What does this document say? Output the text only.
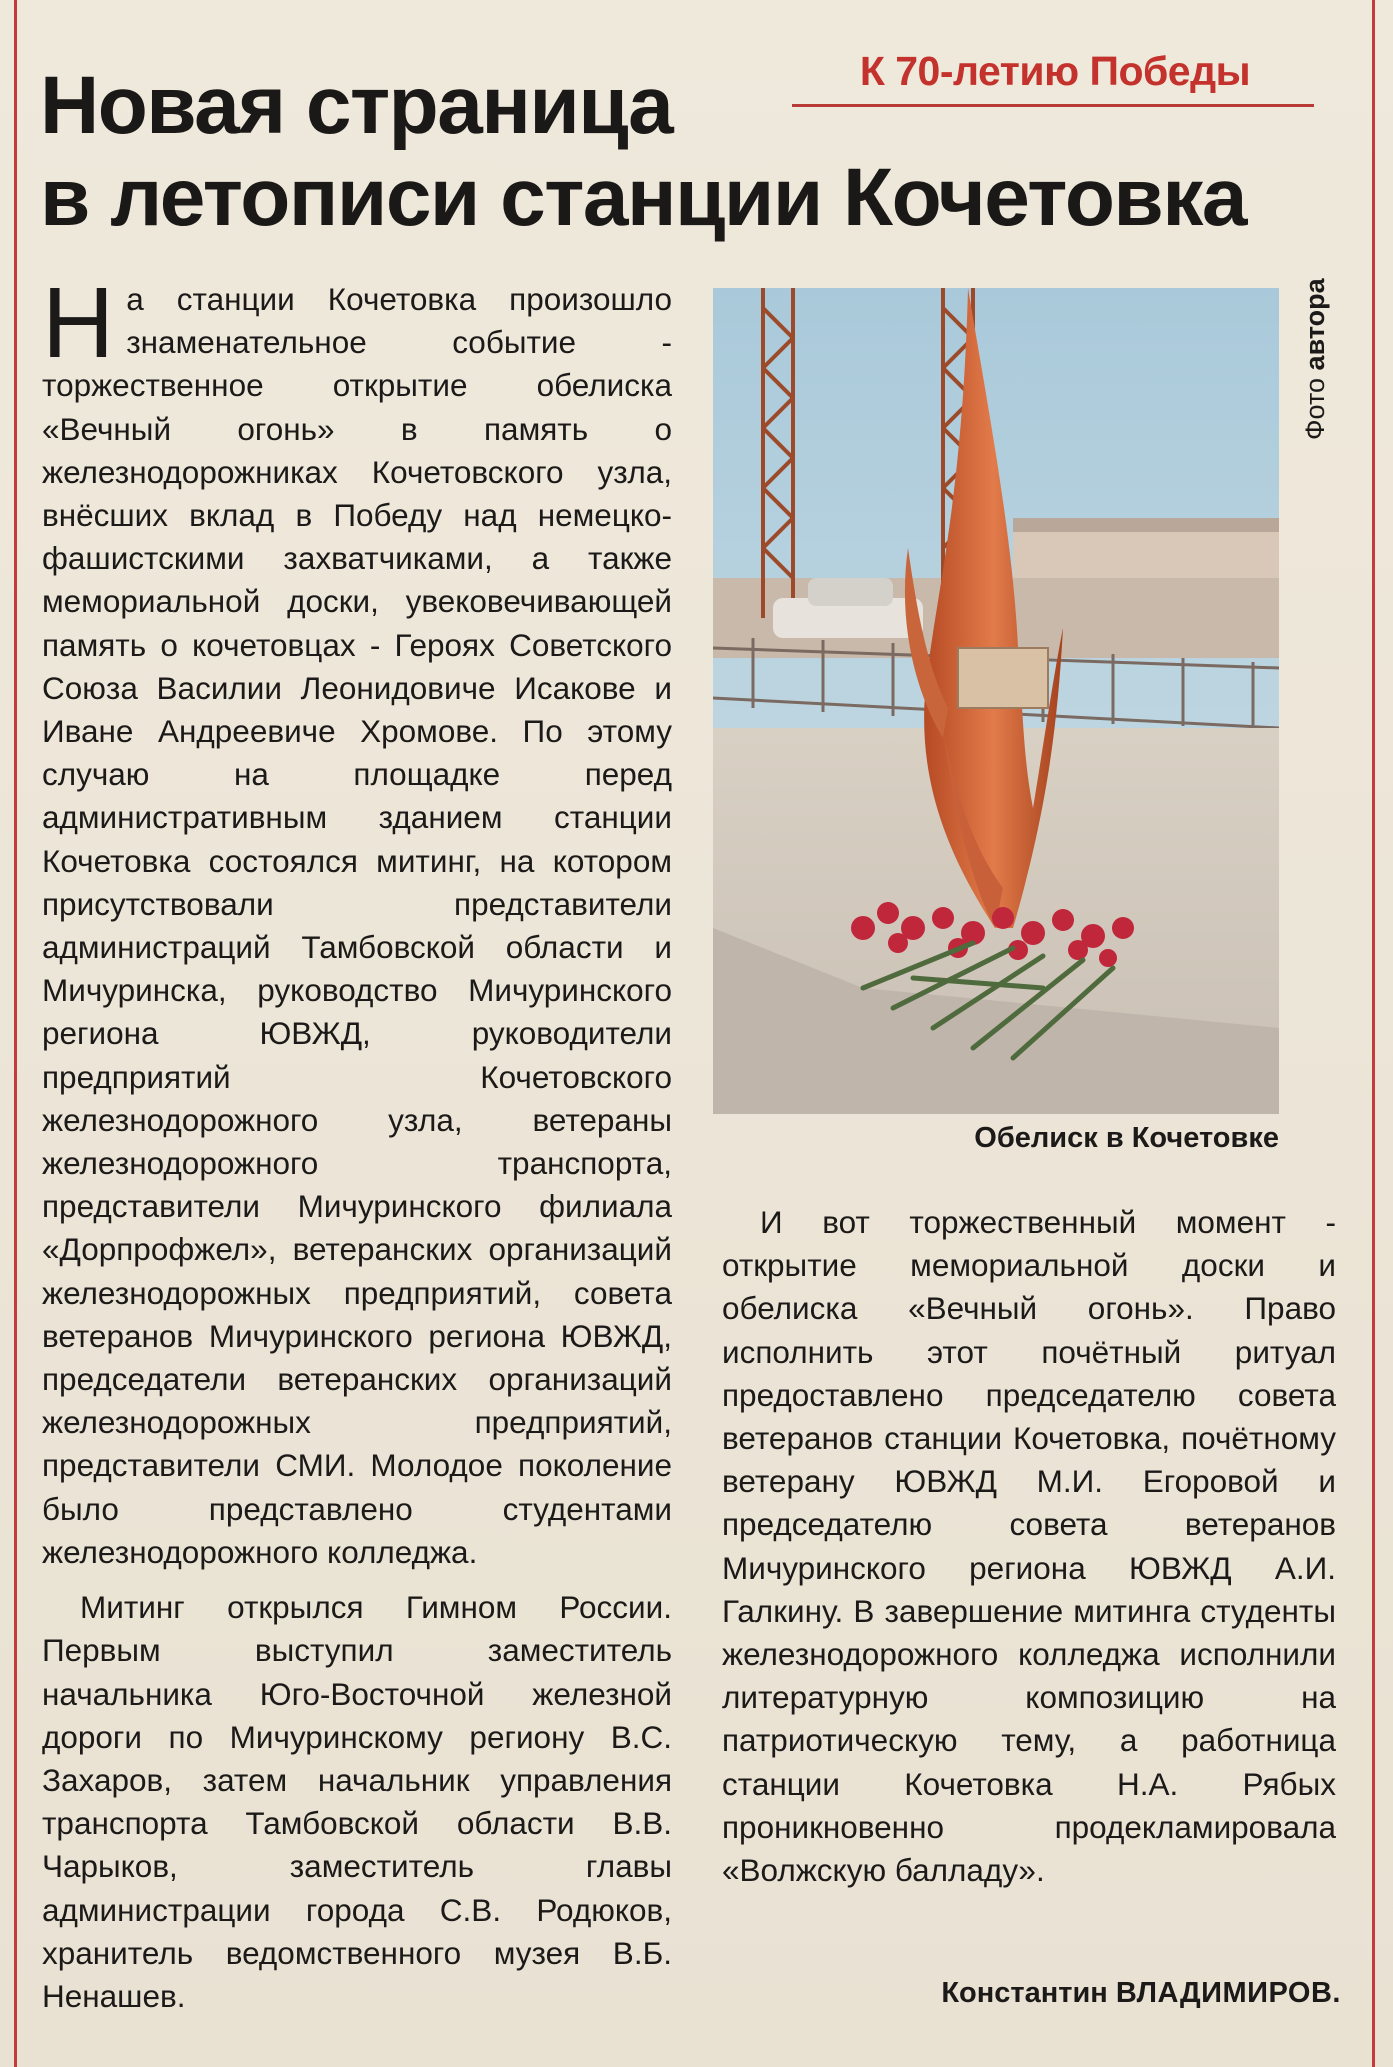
К 70-летию Победы
Новая страница
в летописи станции Кочетовка

На станции Кочетовка произошло знаменательное событие - торжественное открытие обелиска «Вечный огонь» в память о железнодорожниках Кочетовского узла, внёсших вклад в Победу над немецко-фашистскими захватчиками, а также мемориальной доски, увековечивающей память о кочетовцах - Героях Советского Союза Василии Леонидовиче Исакове и Иване Андреевиче Хромове. По этому случаю на площадке перед административным зданием станции Кочетовка состоялся митинг, на котором присутствовали представители администраций Тамбовской области и Мичуринска, руководство Мичуринского региона ЮВЖД, руководители предприятий Кочетовского железнодорожного узла, ветераны железнодорожного транспорта, представители Мичуринского филиала «Дорпрофжел», ветеранских организаций железнодорожных предприятий, совета ветеранов Мичуринского региона ЮВЖД, председатели ветеранских организаций железнодорожных предприятий, представители СМИ. Молодое поколение было представлено студентами железнодорожного колледжа.

Митинг открылся Гимном России. Первым выступил заместитель начальника Юго-Восточной железной дороги по Мичуринскому региону В.С. Захаров, затем начальник управления транспорта Тамбовской области В.В. Чарыков, заместитель главы администрации города С.В. Родюков, хранитель ведомственного музея В.Б. Ненашев.

Фото автора
Обелиск в Кочетовке

И вот торжественный момент - открытие мемориальной доски и обелиска «Вечный огонь». Право исполнить этот почётный ритуал предоставлено председателю совета ветеранов станции Кочетовка, почётному ветерану ЮВЖД М.И. Егоровой и председателю совета ветеранов Мичуринского региона ЮВЖД А.И. Галкину. В завершение митинга студенты железнодорожного колледжа исполнили литературную композицию на патриотическую тему, а работница станции Кочетовка Н.А. Рябых проникновенно продекламировала «Волжскую балладу».

Константин ВЛАДИМИРОВ.
